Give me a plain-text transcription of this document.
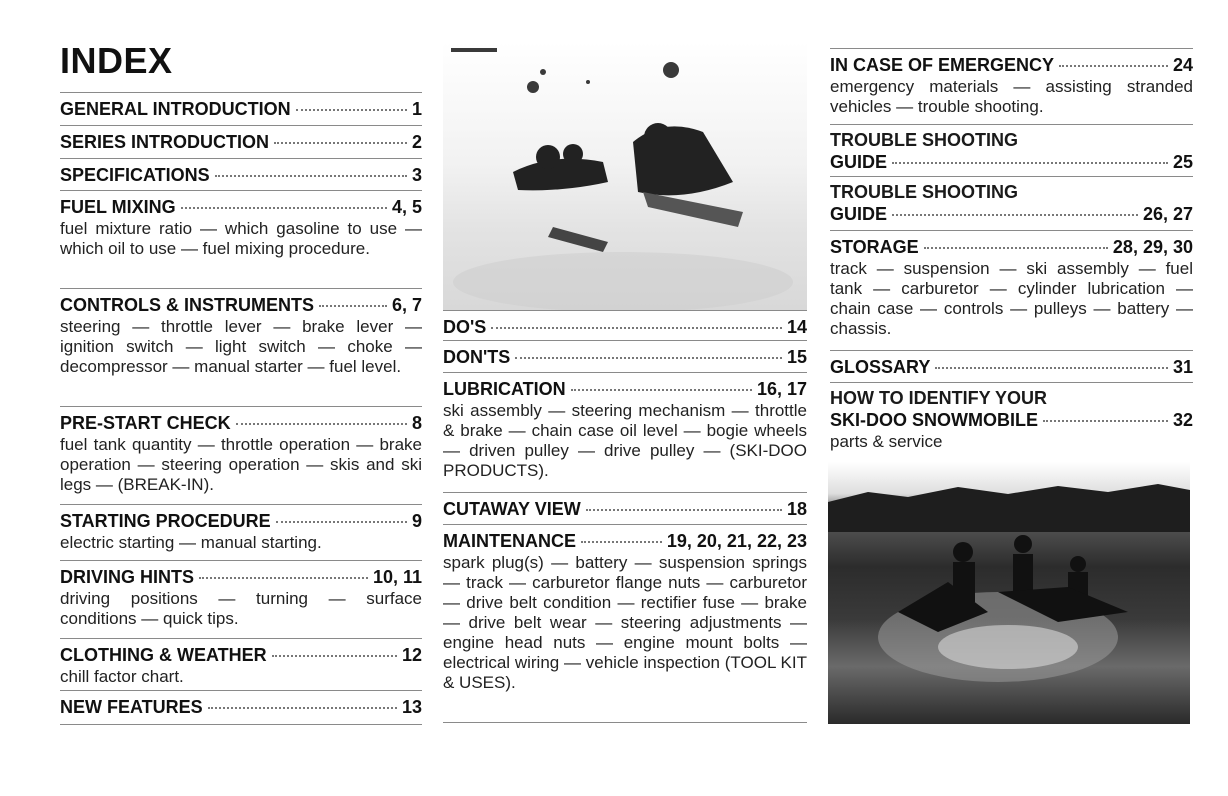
INDEX
GENERAL INTRODUCTION	1
SERIES INTRODUCTION	2
SPECIFICATIONS	3
FUEL MIXING	4, 5
fuel mixture ratio — which gasoline to use — which oil to use — fuel mixing procedure.
CONTROLS & INSTRUMENTS	6, 7
steering — throttle lever — brake lever — ignition switch — light switch — choke — decompressor — manual starter — fuel level.
PRE-START CHECK	8
fuel tank quantity — throttle operation — brake operation — steering operation — skis and ski legs — (BREAK-IN).
STARTING PROCEDURE	9
electric starting — manual starting.
DRIVING HINTS	10, 11
driving positions — turning — surface conditions — quick tips.
CLOTHING & WEATHER	12
chill factor chart.
NEW FEATURES	13
DO'S	14
DON'TS	15
LUBRICATION	16, 17
ski assembly — steering mechanism — throttle & brake — chain case oil level — bogie wheels — driven pulley — drive pulley — (SKI-DOO PRODUCTS).
CUTAWAY VIEW	18
MAINTENANCE	19, 20, 21, 22, 23
spark plug(s) — battery — suspension springs — track — carburetor flange nuts — carburetor — drive belt condition — rectifier fuse — brake — drive belt wear — steering adjustments — engine head nuts — engine mount bolts — electrical wiring — vehicle inspection (TOOL KIT & USES).
IN CASE OF EMERGENCY	24
emergency materials — assisting stranded vehicles — trouble shooting.
TROUBLE SHOOTING
GUIDE	25
TROUBLE SHOOTING
GUIDE	26, 27
STORAGE	28, 29, 30
track — suspension — ski assembly — fuel tank — carburetor — cylinder lubrication — chain case — controls — pulleys — battery — chassis.
GLOSSARY	31
HOW TO IDENTIFY YOUR
SKI-DOO SNOWMOBILE	32
parts & service
